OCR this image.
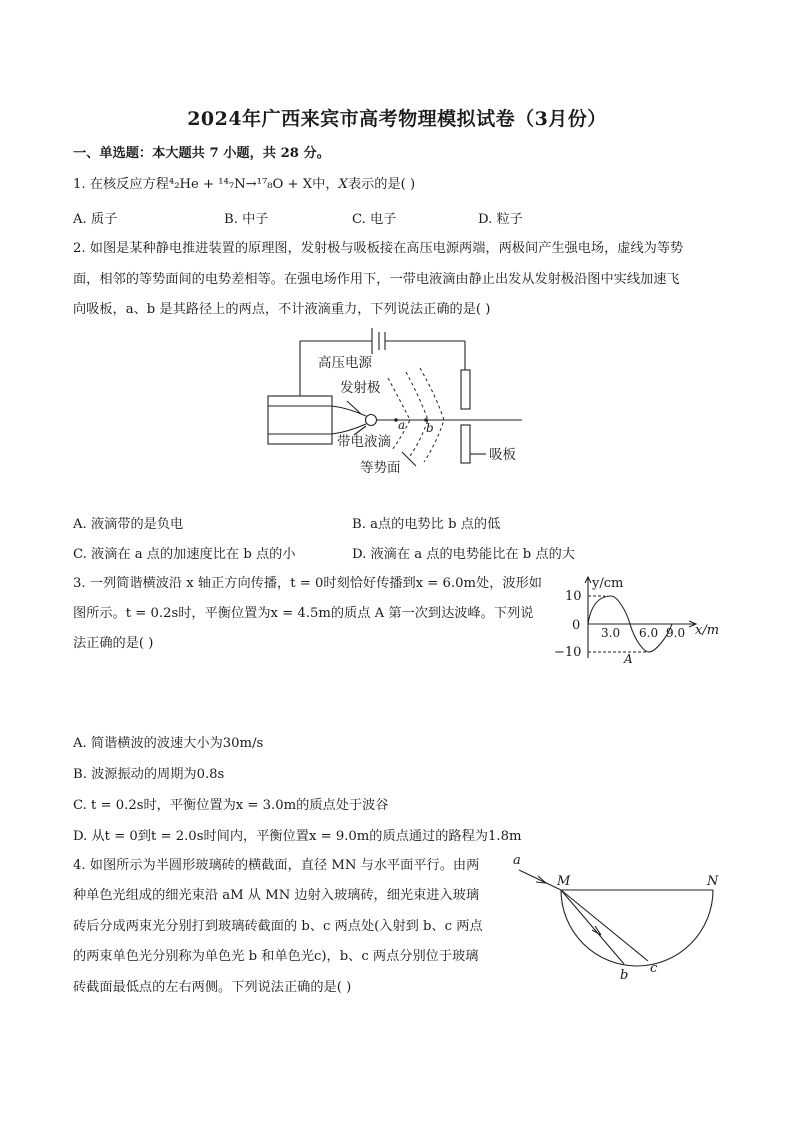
2024年广西来宾市高考物理模拟试卷（3月份）
一、单选题：本大题共 7 小题，共 28 分。
1. 在核反应方程⁴₂He + ¹⁴₇N→¹⁷₈O + X中，X表示的是( )
A. 质子	B. 中子	C. 电子	D. 粒子
2. 如图是某种静电推进装置的原理图，发射极与吸板接在高压电源两端，两极间产生强电场，虚线为等势
面，相邻的等势面间的电势差相等。在强电场作用下，一带电液滴由静止出发从发射极沿图中实线加速飞
向吸板，a、b 是其路径上的两点，不计液滴重力，下列说法正确的是( )
高压电源
发射极
带电液滴
等势面
吸板
a b
A. 液滴带的是负电	B. a点的电势比 b 点的低
C. 液滴在 a 点的加速度比在 b 点的小	D. 液滴在 a 点的电势能比在 b 点的大
3. 一列简谐横波沿 x 轴正方向传播，t = 0时刻恰好传播到x = 6.0m处，波形如
图所示。t = 0.2s时，平衡位置为x = 4.5m的质点 A 第一次到达波峰。下列说
法正确的是( )
y/cm
x/m
10
0
−10
3.0 6.0 9.0
A
A. 简谐横波的波速大小为30m/s
B. 波源振动的周期为0.8s
C. t = 0.2s时，平衡位置为x = 3.0m的质点处于波谷
D. 从t = 0到t = 2.0s时间内，平衡位置x = 9.0m的质点通过的路程为1.8m
4. 如图所示为半圆形玻璃砖的横截面，直径 MN 与水平面平行。由两
种单色光组成的细光束沿 aM 从 MN 边射入玻璃砖，细光束进入玻璃
砖后分成两束光分别打到玻璃砖截面的 b、c 两点处(入射到 b、c 两点
的两束单色光分别称为单色光 b 和单色光c)，b、c 两点分别位于玻璃
砖截面最低点的左右两侧。下列说法正确的是( )
a
M	N
b c
